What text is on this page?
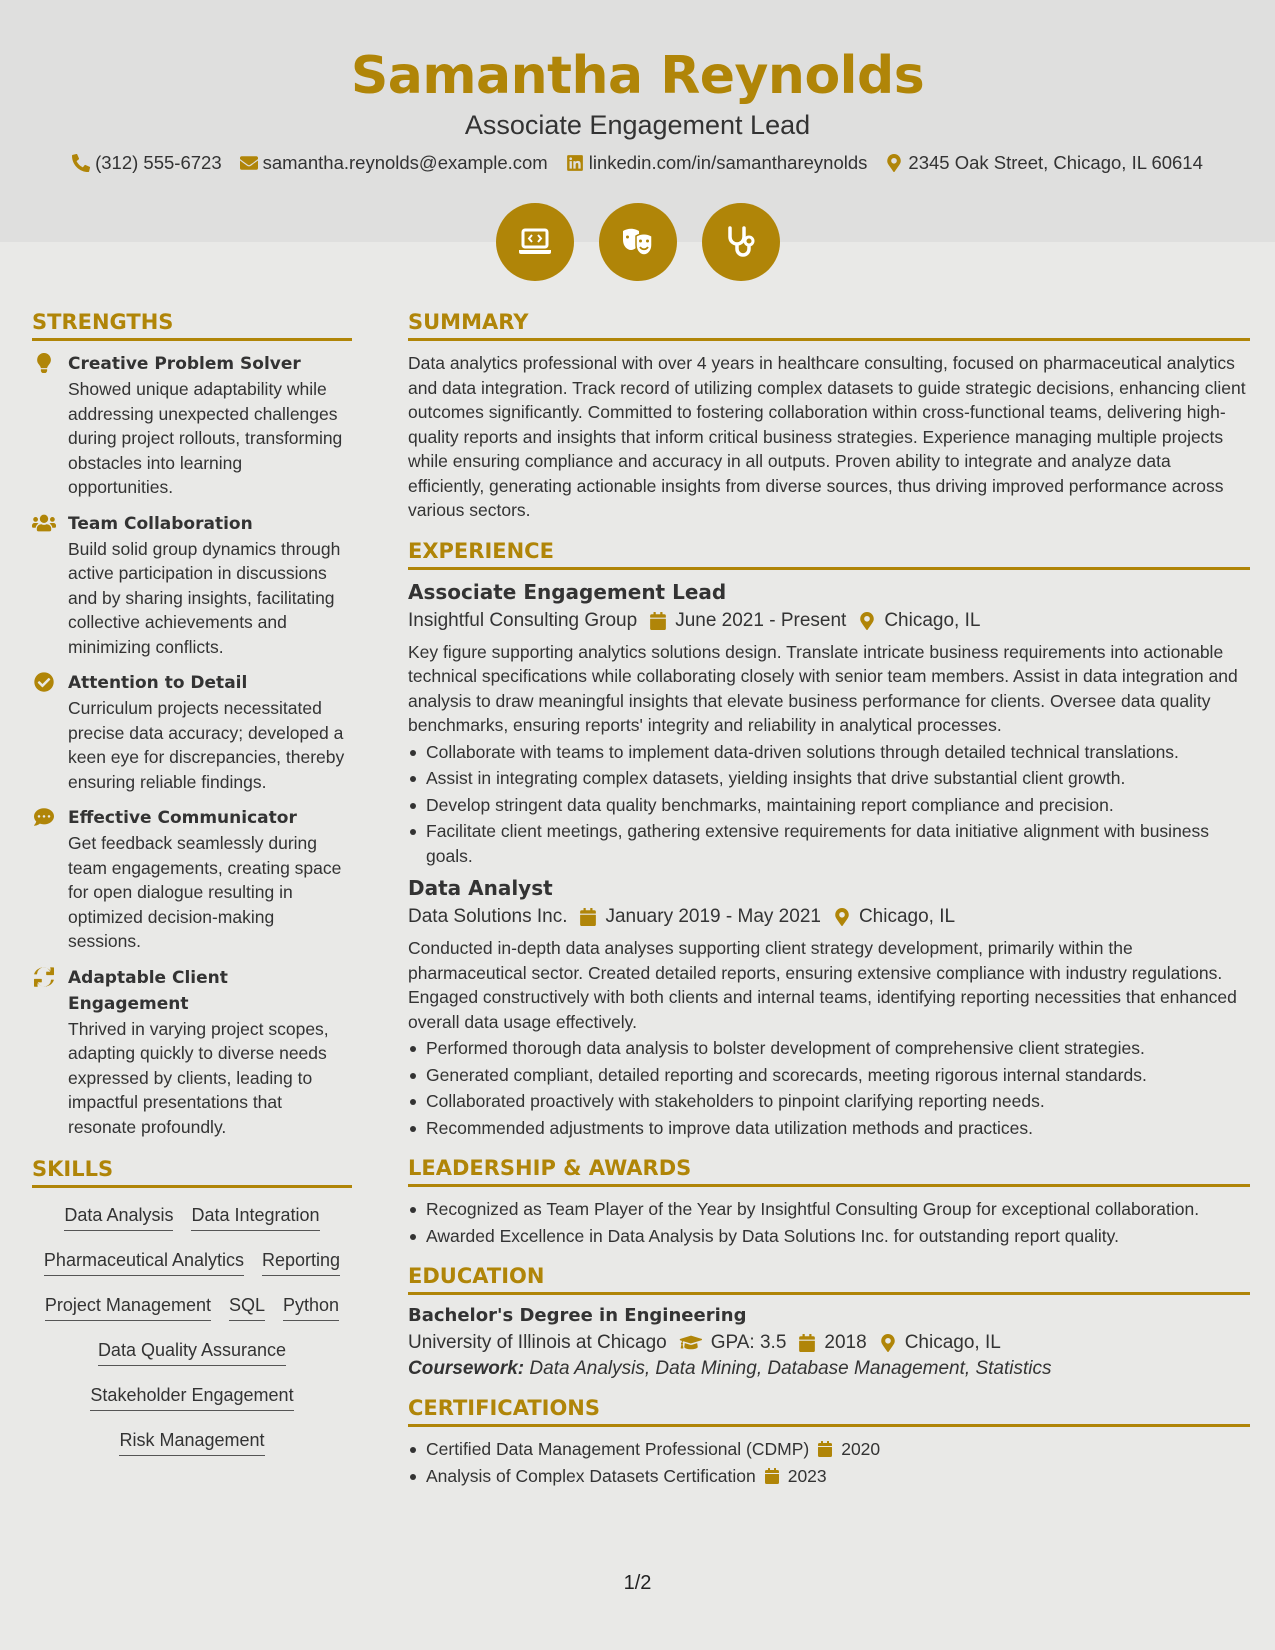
Samantha Reynolds
Associate Engagement Lead
(312) 555-6723 samantha.reynolds@example.com linkedin.com/in/samanthareynolds 2345 Oak Street, Chicago, IL 60614
STRENGTHS
Creative Problem Solver
Showed unique adaptability while addressing unexpected challenges during project rollouts, transforming obstacles into learning opportunities.
Team Collaboration
Build solid group dynamics through active participation in discussions and by sharing insights, facilitating collective achievements and minimizing conflicts.
Attention to Detail
Curriculum projects necessitated precise data accuracy; developed a keen eye for discrepancies, thereby ensuring reliable findings.
Effective Communicator
Get feedback seamlessly during team engagements, creating space for open dialogue resulting in optimized decision-making sessions.
Adaptable Client Engagement
Thrived in varying project scopes, adapting quickly to diverse needs expressed by clients, leading to impactful presentations that resonate profoundly.
SKILLS
Data Analysis Data Integration
Pharmaceutical Analytics Reporting
Project Management SQL Python
Data Quality Assurance
Stakeholder Engagement
Risk Management
SUMMARY
Data analytics professional with over 4 years in healthcare consulting, focused on pharmaceutical analytics and data integration. Track record of utilizing complex datasets to guide strategic decisions, enhancing client outcomes significantly. Committed to fostering collaboration within cross-functional teams, delivering high-quality reports and insights that inform critical business strategies. Experience managing multiple projects while ensuring compliance and accuracy in all outputs. Proven ability to integrate and analyze data efficiently, generating actionable insights from diverse sources, thus driving improved performance across various sectors.
EXPERIENCE
Associate Engagement Lead
Insightful Consulting Group June 2021 - Present Chicago, IL
Key figure supporting analytics solutions design. Translate intricate business requirements into actionable technical specifications while collaborating closely with senior team members. Assist in data integration and analysis to draw meaningful insights that elevate business performance for clients. Oversee data quality benchmarks, ensuring reports' integrity and reliability in analytical processes.
Collaborate with teams to implement data-driven solutions through detailed technical translations.
Assist in integrating complex datasets, yielding insights that drive substantial client growth.
Develop stringent data quality benchmarks, maintaining report compliance and precision.
Facilitate client meetings, gathering extensive requirements for data initiative alignment with business goals.
Data Analyst
Data Solutions Inc. January 2019 - May 2021 Chicago, IL
Conducted in-depth data analyses supporting client strategy development, primarily within the pharmaceutical sector. Created detailed reports, ensuring extensive compliance with industry regulations. Engaged constructively with both clients and internal teams, identifying reporting necessities that enhanced overall data usage effectively.
Performed thorough data analysis to bolster development of comprehensive client strategies.
Generated compliant, detailed reporting and scorecards, meeting rigorous internal standards.
Collaborated proactively with stakeholders to pinpoint clarifying reporting needs.
Recommended adjustments to improve data utilization methods and practices.
LEADERSHIP & AWARDS
Recognized as Team Player of the Year by Insightful Consulting Group for exceptional collaboration.
Awarded Excellence in Data Analysis by Data Solutions Inc. for outstanding report quality.
EDUCATION
Bachelor's Degree in Engineering
University of Illinois at Chicago GPA: 3.5 2018 Chicago, IL
Coursework: Data Analysis, Data Mining, Database Management, Statistics
CERTIFICATIONS
Certified Data Management Professional (CDMP) 2020
Analysis of Complex Datasets Certification 2023
1/2
